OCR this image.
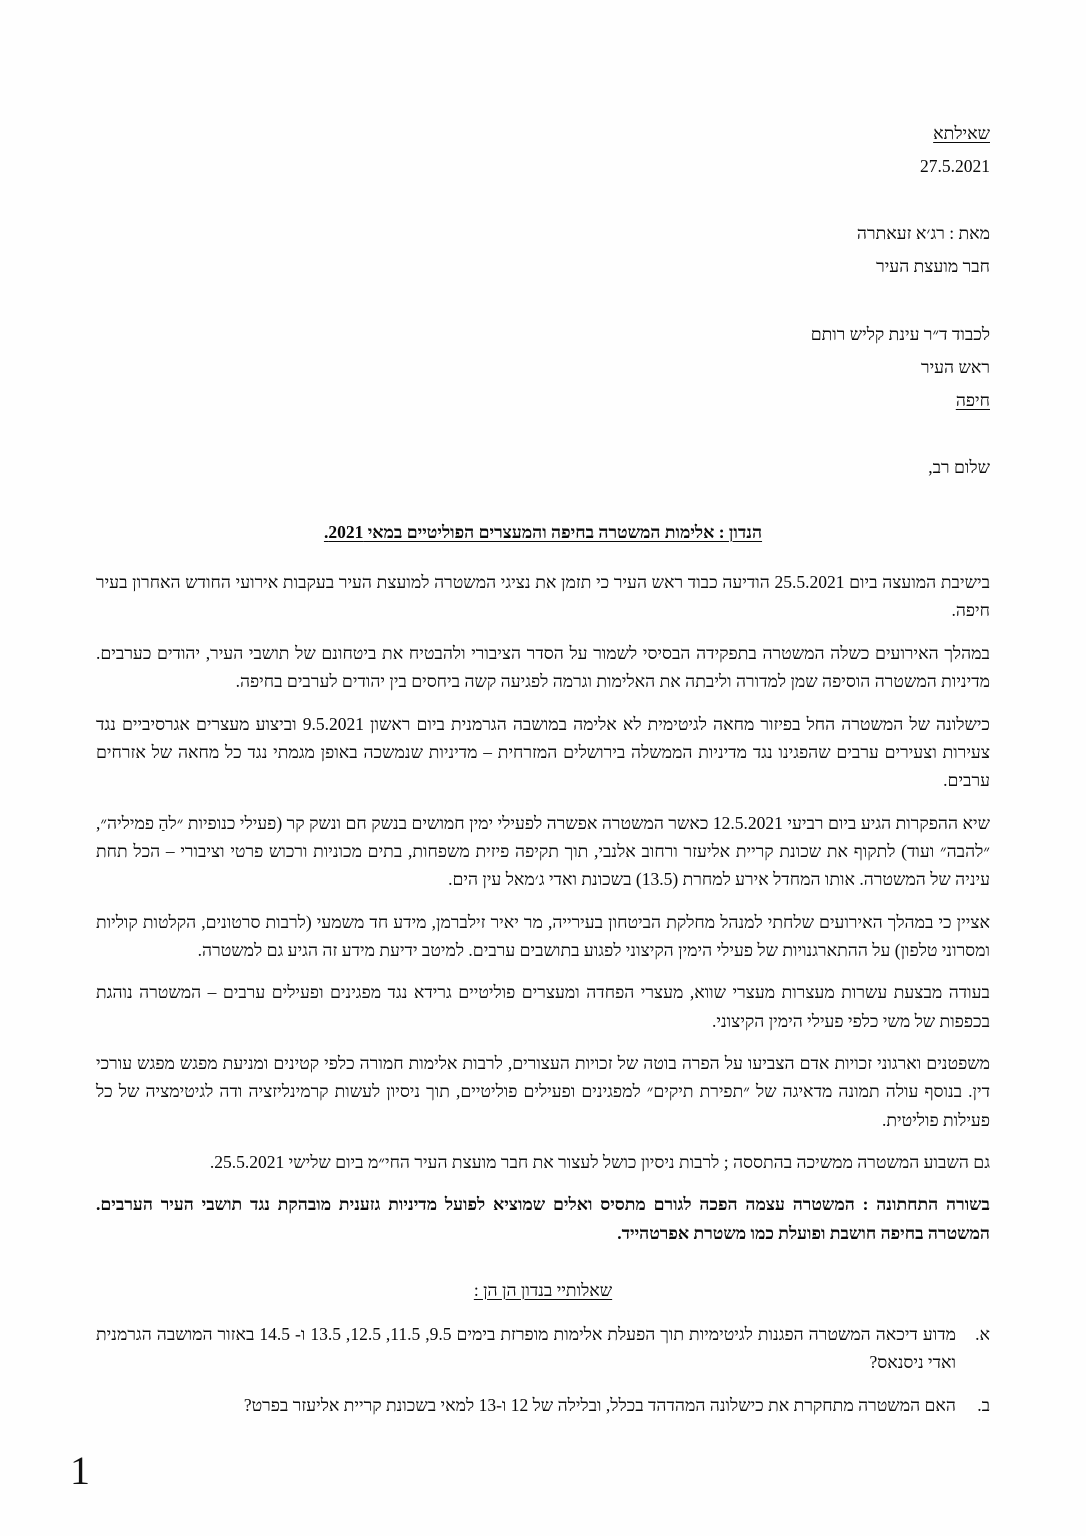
שאילתא
27.5.2021
מאת : רג׳א זעאתרה
חבר מועצת העיר
לכבוד ד״ר עינת קליש רותם
ראש העיר
חיפה
שלום רב,
הנדון : אלימות המשטרה בחיפה והמעצרים הפוליטיים במאי 2021.

בישיבת המועצה ביום 25.5.2021 הודיעה כבוד ראש העיר כי תזמן את נציגי המשטרה למועצת העיר בעקבות אירועי החודש האחרון בעיר חיפה.

במהלך האירועים כשלה המשטרה בתפקידה הבסיסי לשמור על הסדר הציבורי ולהבטיח את ביטחונם של תושבי העיר, יהודים כערבים. מדיניות המשטרה הוסיפה שמן למדורה וליבתה את האלימות וגרמה לפגיעה קשה ביחסים בין יהודים לערבים בחיפה.

כישלונה של המשטרה החל בפיזור מחאה לגיטימית לא אלימה במושבה הגרמנית ביום ראשון 9.5.2021 וביצוע מעצרים אגרסיביים נגד צעירות וצעירים ערבים שהפגינו נגד מדיניות הממשלה בירושלים המזרחית – מדיניות שנמשכה באופן מגמתי נגד כל מחאה של אזרחים ערבים.

שיא ההפקרות הגיע ביום רביעי 12.5.2021 כאשר המשטרה אפשרה לפעילי ימין חמושים בנשק חם ונשק קר (פעילי כנופיות ״להַ פמיליה״, ״להבה״ ועוד) לתקוף את שכונת קריית אליעזר ורחוב אלנבי, תוך תקיפה פיזית משפחות, בתים מכוניות ורכוש פרטי וציבורי – הכל תחת עיניה של המשטרה. אותו המחדל אירע למחרת (13.5) בשכונת ואדי ג׳מאל עין הים.

אציין כי במהלך האירועים שלחתי למנהל מחלקת הביטחון בעירייה, מר יאיר זילברמן, מידע חד משמעי (לרבות סרטונים, הקלטות קוליות ומסרוני טלפון) על ההתארגנויות של פעילי הימין הקיצוני לפגוע בתושבים ערבים. למיטב ידיעת מידע זה הגיע גם למשטרה.

בעודה מבצעת עשרות מעצרות מעצרי שווא, מעצרי הפחדה ומעצרים פוליטיים גרידא נגד מפגינים ופעילים ערבים – המשטרה נוהגת בכפפות של משי כלפי פעילי הימין הקיצוני.

משפטנים וארגוני זכויות אדם הצביעו על הפרה בוטה של זכויות העצורים, לרבות אלימות חמורה כלפי קטינים ומניעת מפגש מפגש עורכי דין. בנוסף עולה תמונה מדאיגה של ״תפירת תיקים״ למפגינים ופעילים פוליטיים, תוך ניסיון לעשות קרמינליזציה ודה לגיטימציה של כל פעילות פוליטית.

גם השבוע המשטרה ממשיכה בהתססה ; לרבות ניסיון כושל לעצור את חבר מועצת העיר החי״מ ביום שלישי 25.5.2021.

בשורה התחתונה : המשטרה עצמה הפכה לגורם מתסיס ואלים שמוציא לפועל מדיניות גזענית מובהקת נגד תושבי העיר הערבים. המשטרה בחיפה חושבת ופועלת כמו משטרת אפרטהייד.

שאלותיי בנדון הן הן :
א.
מדוע דיכאה המשטרה הפגנות לגיטימיות תוך הפעלת אלימות מופרזת בימים 9.5, 11.5, 12.5, 13.5 ו- 14.5 באזור המושבה הגרמנית ואדי ניסנאס?
ב.
האם המשטרה מתחקרת את כישלונה המהדהד בכלל, ובלילה של 12 ו-13 למאי בשכונת קריית אליעזר בפרט?
1
